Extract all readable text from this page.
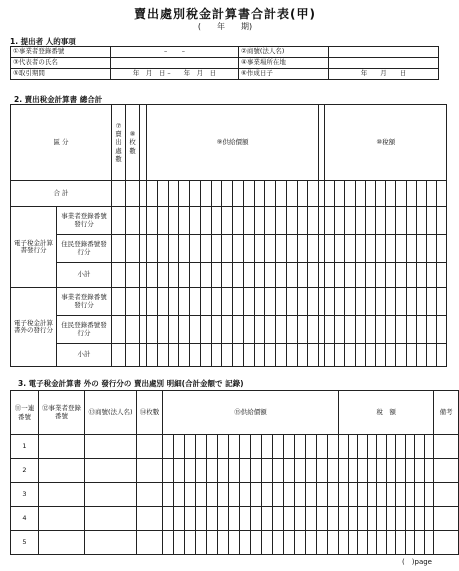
賣出處別稅金計算書合計表(甲)
(　　年　　期)
1. 提出者 人的事項
①事業者登錄番號	– –	②商號(法人名)	
③代表者の氏名		④事業場所在地	
⑤取引期間	年　月　日 –　　年　月　日	⑥作成日子	年　　月　　日
2. 賣出稅金計算書 總合計
區 分		⑦賣出處數	⑧枚數		⑨供給價額																	⑩稅額											
合 計																																	
電子稅金計算書發行分	事業者登錄番號 發行分																																
	住民登錄番號發行分																																
	小計																																
電子稅金計算書外の發行分	事業者登錄番號 發行分																																
	住民登錄番號發行分																																
	小計																																
3. 電子稅金計算書 外の 發行分の 賣出處別 明細(合計金額で 記錄)
⑪一連番號	⑫事業者登錄番號	⑬商號(法人名)	⑭枚數	⑮供給價額																稅　額										備考
1																														
2																														
3																														
4																														
5																														
(　)page
